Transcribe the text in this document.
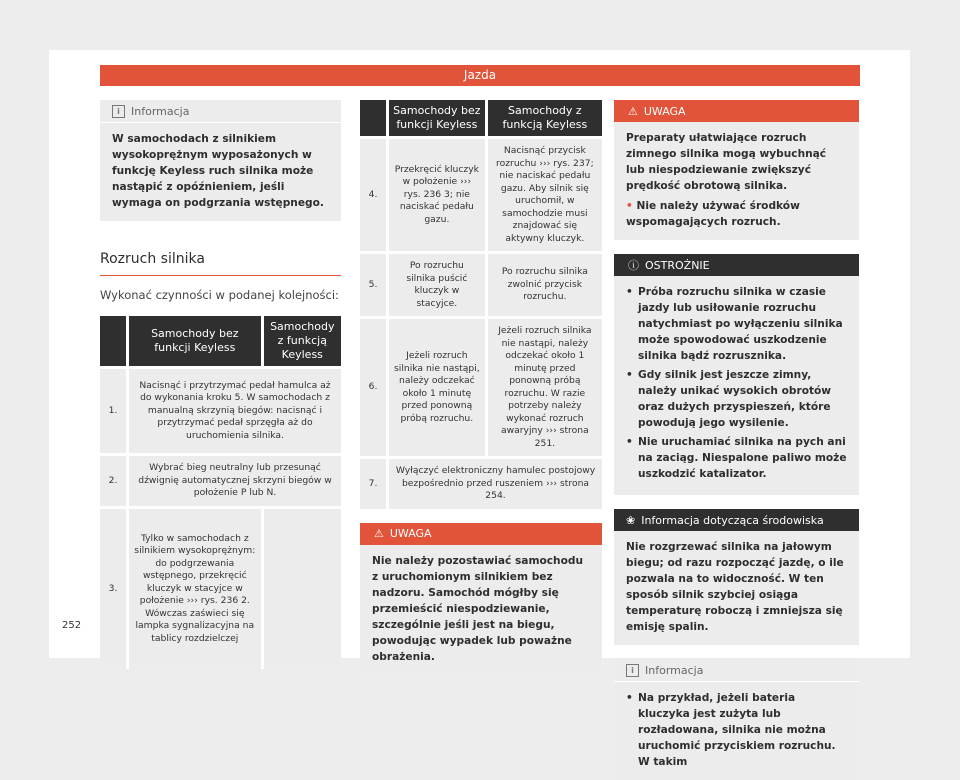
Jazda
i	Informacja
W samochodach z silnikiem wysokoprężnym wyposażonych w funkcję Keyless ruch silnika może nastąpić z opóźnieniem, jeśli wymaga on podgrzania wstępnego.
Rozruch silnika
Wykonać czynności w podanej kolejności:
	Samochody bez funkcji Keyless	Samochody z funkcją Keyless
1.	Nacisnąć i przytrzymać pedał hamulca aż do wykonania kroku 5. W samochodach z manualną skrzynią biegów: nacisnąć i przytrzymać pedał sprzęgła aż do uruchomienia silnika.	
2.	Wybrać bieg neutralny lub przesunąć dźwignię automatycznej skrzyni biegów w położenie P lub N.	
3.	Tylko w samochodach z silnikiem wysokoprężnym: do podgrzewania wstępnego, przekręcić kluczyk w stacyjce w położenie ››› rys. 236 2. Wówczas zaświeci się lampka sygnalizacyjna na tablicy rozdzielczej	
	Samochody bez funkcji Keyless	Samochody z funkcją Keyless
4.	Przekręcić kluczyk w położenie ››› rys. 236 3; nie naciskać pedału gazu.	Nacisnąć przycisk rozruchu ››› rys. 237; nie naciskać pedału gazu. Aby silnik się uruchomił, w samochodzie musi znajdować się aktywny kluczyk.
5.	Po rozruchu silnika puścić kluczyk w stacyjce.	Po rozruchu silnika zwolnić przycisk rozruchu.
6.	Jeżeli rozruch silnika nie nastąpi, należy odczekać około 1 minutę przed ponowną próbą rozruchu.	Jeżeli rozruch silnika nie nastąpi, należy odczekać około 1 minutę przed ponowną próbą rozruchu. W razie potrzeby należy wykonać rozruch awaryjny ››› strona 251.
7.	Wyłączyć elektroniczny hamulec postojowy bezpośrednio przed ruszeniem ››› strona 254.	
⚠ UWAGA
Nie należy pozostawiać samochodu z uruchomionym silnikiem bez nadzoru. Samochód mógłby się przemieścić niespodziewanie, szczególnie jeśli jest na biegu, powodując wypadek lub poważne obrażenia.
⚠ UWAGA
Preparaty ułatwiające rozruch zimnego silnika mogą wybuchnąć lub niespodziewanie zwiększyć prędkość obrotową silnika.
• Nie należy używać środków wspomagających rozruch.
ⓘ OSTROŻNIE
• Próba rozruchu silnika w czasie jazdy lub usiłowanie rozruchu natychmiast po wyłączeniu silnika może spowodować uszkodzenie silnika bądź rozrusznika.
• Gdy silnik jest jeszcze zimny, należy unikać wysokich obrotów oraz dużych przyspieszeń, które powodują jego wysilenie.
• Nie uruchamiać silnika na pych ani na zaciąg. Niespalone paliwo może uszkodzić katalizator.
❀ Informacja dotycząca środowiska
Nie rozgrzewać silnika na jałowym biegu; od razu rozpocząć jazdę, o ile pozwala na to widoczność. W ten sposób silnik szybciej osiąga temperaturę roboczą i zmniejsza się emisję spalin.
i	Informacja
• Na przykład, jeżeli bateria kluczyka jest zużyta lub rozładowana, silnika nie można uruchomić przyciskiem rozruchu. W takim
252
